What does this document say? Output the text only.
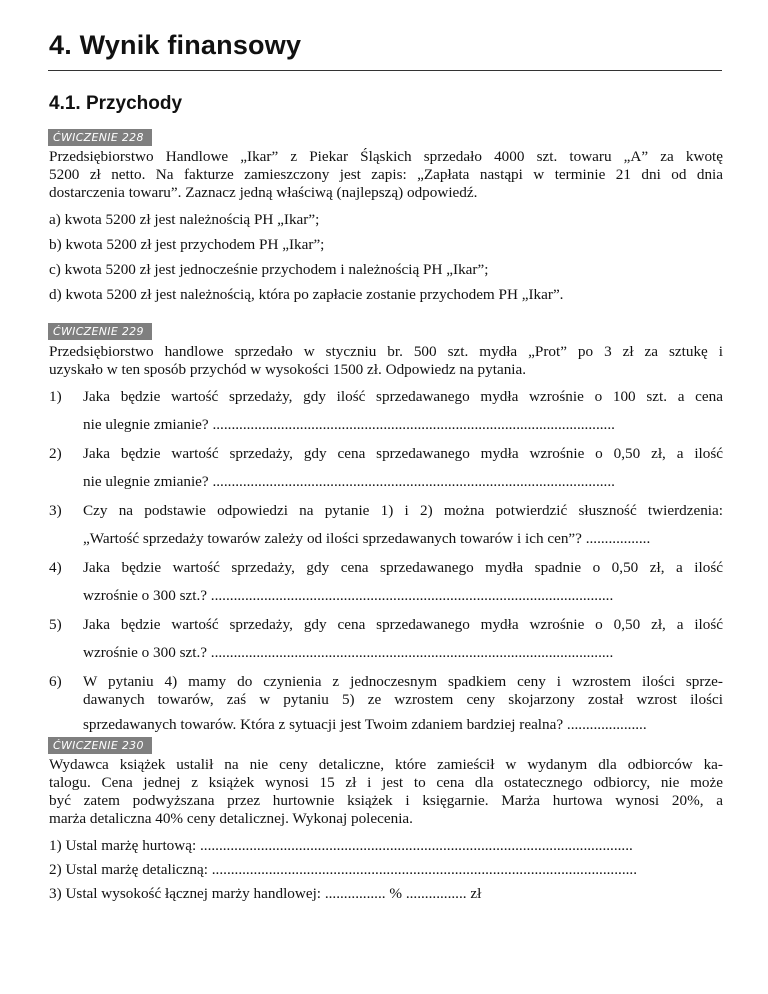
4. Wynik finansowy
4.1. Przychody
ĆWICZENIE 228
Przedsiębiorstwo Handlowe „Ikar” z Piekar Śląskich sprzedało 4000 szt. towaru „A” za kwotę
5200 zł netto. Na fakturze zamieszczony jest zapis: „Zapłata nastąpi w terminie 21 dni od dnia
dostarczenia towaru”. Zaznacz jedną właściwą (najlepszą) odpowiedź.
a) kwota 5200 zł jest należnością PH „Ikar”;
b) kwota 5200 zł jest przychodem PH „Ikar”;
c) kwota 5200 zł jest jednocześnie przychodem i należnością PH „Ikar”;
d) kwota 5200 zł jest należnością, która po zapłacie zostanie przychodem PH „Ikar”.
ĆWICZENIE 229
Przedsiębiorstwo handlowe sprzedało w styczniu br. 500 szt. mydła „Prot” po 3 zł za sztukę i
uzyskało w ten sposób przychód w wysokości 1500 zł. Odpowiedz na pytania.
1) Jaka będzie wartość sprzedaży, gdy ilość sprzedawanego mydła wzrośnie o 100 szt. a cena
nie ulegnie zmianie? ..........................................................................................................
2) Jaka będzie wartość sprzedaży, gdy cena sprzedawanego mydła wzrośnie o 0,50 zł, a ilość
nie ulegnie zmianie? ..........................................................................................................
3) Czy na podstawie odpowiedzi na pytanie 1) i 2) można potwierdzić słuszność twierdzenia:
„Wartość sprzedaży towarów zależy od ilości sprzedawanych towarów i ich cen”? .................
4) Jaka będzie wartość sprzedaży, gdy cena sprzedawanego mydła spadnie o 0,50 zł, a ilość
wzrośnie o 300 szt.? ..........................................................................................................
5) Jaka będzie wartość sprzedaży, gdy cena sprzedawanego mydła wzrośnie o 0,50 zł, a ilość
wzrośnie o 300 szt.? ..........................................................................................................
6) W pytaniu 4) mamy do czynienia z jednoczesnym spadkiem ceny i wzrostem ilości sprze-
dawanych towarów, zaś w pytaniu 5) ze wzrostem ceny skojarzony został wzrost ilości
sprzedawanych towarów. Która z sytuacji jest Twoim zdaniem bardziej realna? .....................
ĆWICZENIE 230
Wydawca książek ustalił na nie ceny detaliczne, które zamieścił w wydanym dla odbiorców ka-
talogu. Cena jednej z książek wynosi 15 zł i jest to cena dla ostatecznego odbiorcy, nie może
być zatem podwyższana przez hurtownie książek i księgarnie. Marża hurtowa wynosi 20%, a
marża detaliczna 40% ceny detalicznej. Wykonaj polecenia.
1) Ustal marżę hurtową: ..................................................................................................................
2) Ustal marżę detaliczną: ................................................................................................................
3) Ustal wysokość łącznej marży handlowej: ................ % ................ zł
